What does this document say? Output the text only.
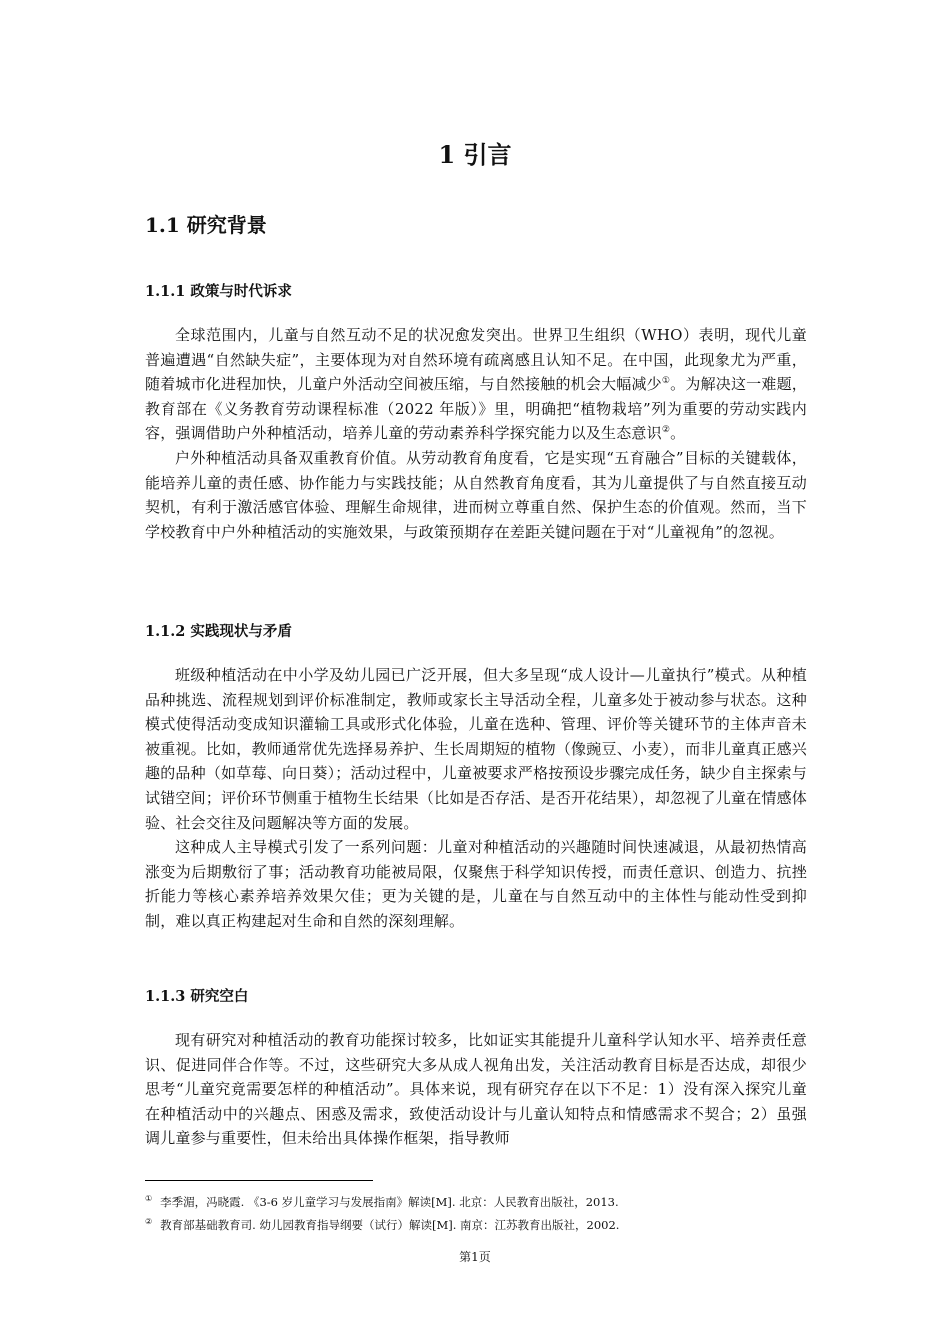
1 引言
1.1 研究背景
1.1.1 政策与时代诉求

全球范围内，儿童与自然互动不足的状况愈发突出。世界卫生组织（WHO）表明，现代儿童普遍遭遇“自然缺失症”，主要体现为对自然环境有疏离感且认知不足。在中国，此现象尤为严重，随着城市化进程加快，儿童户外活动空间被压缩，与自然接触的机会大幅减少①。为解决这一难题，教育部在《义务教育劳动课程标准（2022 年版）》里，明确把“植物栽培”列为重要的劳动实践内容，强调借助户外种植活动，培养儿童的劳动素养科学探究能力以及生态意识②。

户外种植活动具备双重教育价值。从劳动教育角度看，它是实现“五育融合”目标的关键载体，能培养儿童的责任感、协作能力与实践技能；从自然教育角度看，其为儿童提供了与自然直接互动契机，有利于激活感官体验、理解生命规律，进而树立尊重自然、保护生态的价值观。然而，当下学校教育中户外种植活动的实施效果，与政策预期存在差距关键问题在于对“儿童视角”的忽视。

1.1.2 实践现状与矛盾

班级种植活动在中小学及幼儿园已广泛开展，但大多呈现“成人设计—儿童执行”模式。从种植品种挑选、流程规划到评价标准制定，教师或家长主导活动全程，儿童多处于被动参与状态。这种模式使得活动变成知识灌输工具或形式化体验，儿童在选种、管理、评价等关键环节的主体声音未被重视。比如，教师通常优先选择易养护、生长周期短的植物（像豌豆、小麦），而非儿童真正感兴趣的品种（如草莓、向日葵）；活动过程中，儿童被要求严格按预设步骤完成任务，缺少自主探索与试错空间；评价环节侧重于植物生长结果（比如是否存活、是否开花结果），却忽视了儿童在情感体验、社会交往及问题解决等方面的发展。

这种成人主导模式引发了一系列问题：儿童对种植活动的兴趣随时间快速减退，从最初热情高涨变为后期敷衍了事；活动教育功能被局限，仅聚焦于科学知识传授，而责任意识、创造力、抗挫折能力等核心素养培养效果欠佳；更为关键的是，儿童在与自然互动中的主体性与能动性受到抑制，难以真正构建起对生命和自然的深刻理解。

1.1.3 研究空白

现有研究对种植活动的教育功能探讨较多，比如证实其能提升儿童科学认知水平、培养责任意识、促进同伴合作等。不过，这些研究大多从成人视角出发，关注活动教育目标是否达成，却很少思考“儿童究竟需要怎样的种植活动”。具体来说，现有研究存在以下不足：1）没有深入探究儿童在种植活动中的兴趣点、困惑及需求，致使活动设计与儿童认知特点和情感需求不契合；2）虽强调儿童参与重要性，但未给出具体操作框架，指导教师

① 李季湄，冯晓霞. 《3-6 岁儿童学习与发展指南》解读[M]. 北京：人民教育出版社，2013.

② 教育部基础教育司. 幼儿园教育指导纲要（试行）解读[M]. 南京：江苏教育出版社，2002.

第1页
